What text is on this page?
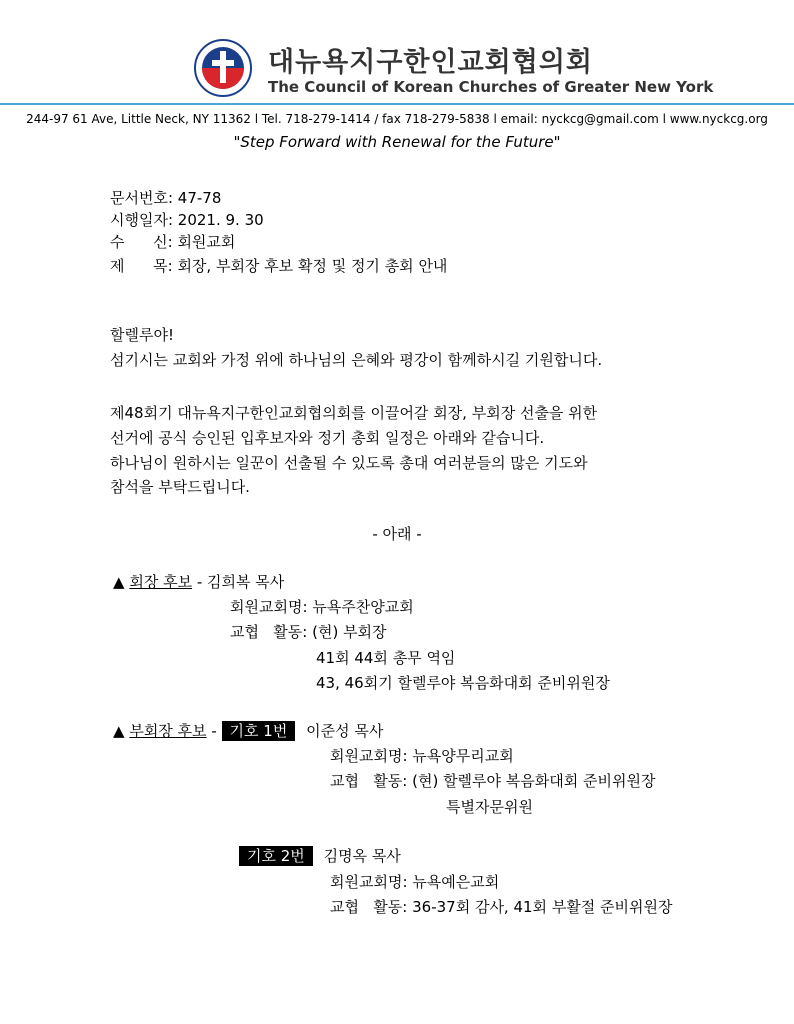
대뉴욕지구한인교회협의회
The Council of Korean Churches of Greater New York
244-97 61 Ave, Little Neck, NY 11362 l Tel. 718-279-1414 / fax 718-279-5838 l email: nyckcg@gmail.com l www.nyckcg.org
"Step Forward with Renewal for the Future"
문서번호: 47-78
시행일자: 2021. 9. 30
수      신: 회원교회
제      목: 회장, 부회장 후보 확정 및 정기 총회 안내
할렐루야!
섬기시는 교회와 가정 위에 하나님의 은혜와 평강이 함께하시길 기원합니다.
제48회기 대뉴욕지구한인교회협의회를 이끌어갈 회장, 부회장 선출을 위한
선거에 공식 승인된 입후보자와 정기 총회 일정은 아래와 같습니다.
하나님이 원하시는 일꾼이 선출될 수 있도록 총대 여러분들의 많은 기도와
참석을 부탁드립니다.
- 아래 -
▲ 회장 후보 - 김희복 목사
회원교회명: 뉴욕주찬양교회
교협   활동: (현) 부회장
41회 44회 총무 역임
43, 46회기 할렐루야 복음화대회 준비위원장
▲ 부회장 후보 - 기호 1번 이준성 목사
회원교회명: 뉴욕양무리교회
교협   활동: (현) 할렐루야 복음화대회 준비위원장
특별자문위원
기호 2번 김명옥 목사
회원교회명: 뉴욕예은교회
교협   활동: 36-37회 감사, 41회 부활절 준비위원장
